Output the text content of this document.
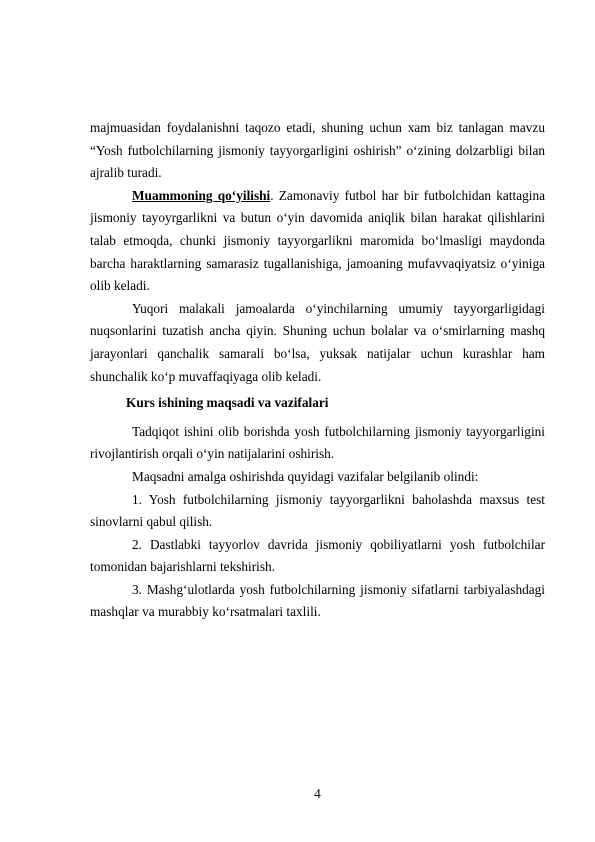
majmuasidan foydalanishni taqozo etadi, shuning uchun xam biz tanlagan mavzu “Yosh futbolchilarning jismoniy tayyorgarligini oshirish” o‘zining dolzarbligi bilan ajralib turadi.

Muammoning qo‘yilishi. Zamonaviy futbol har bir futbolchidan kattagina jismoniy tayoyrgarlikni va butun o‘yin davomida aniqlik bilan harakat qilishlarini talab etmoqda, chunki jismoniy tayyorgarlikni maromida bo‘lmasligi maydonda barcha haraktlarning samarasiz tugallanishiga, jamoaning mufavvaqiyatsiz o‘yiniga olib keladi.

Yuqori malakali jamoalarda o‘yinchilarning umumiy tayyorgarligidagi nuqsonlarini tuzatish ancha qiyin. Shuning uchun bolalar va o‘smirlarning mashq jarayonlari qanchalik samarali bo‘lsa, yuksak natijalar uchun kurashlar ham shunchalik ko‘p muvaffaqiyaga olib keladi.

Kurs ishining maqsadi va vazifalari

Tadqiqot ishini olib borishda yosh futbolchilarning jismoniy tayyorgarligini rivojlantirish orqali o‘yin natijalarini oshirish.

Maqsadni amalga oshirishda quyidagi vazifalar belgilanib olindi:

1. Yosh futbolchilarning jismoniy tayyorgarlikni baholashda maxsus test sinovlarni qabul qilish.

2. Dastlabki tayyorlov davrida jismoniy qobiliyatlarni yosh futbolchilar tomonidan bajarishlarni tekshirish.

3. Mashg‘ulotlarda yosh futbolchilarning jismoniy sifatlarni tarbiyalashdagi mashqlar va murabbiy ko‘rsatmalari taxlili.

4
